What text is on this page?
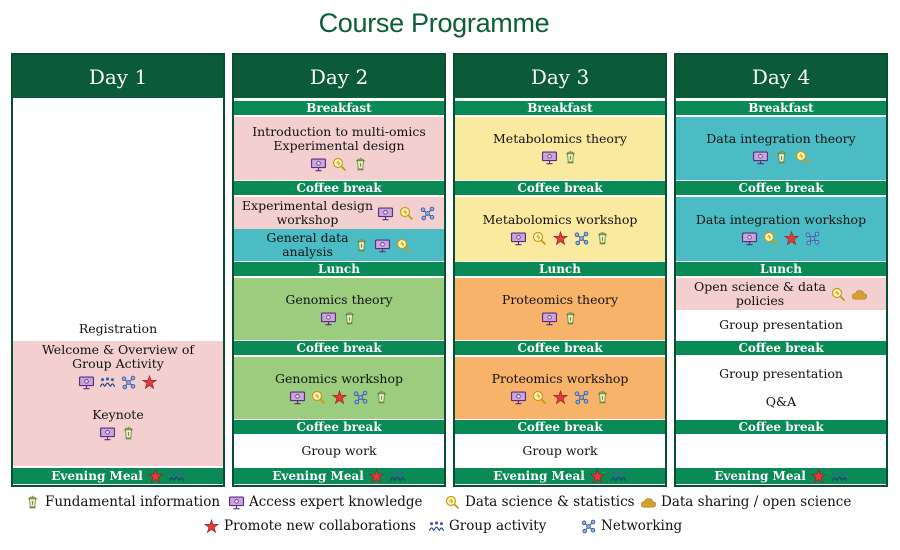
Course Programme
Day 1
Registration
Welcome & Overview of
Group Activity
Keynote
Evening Meal
Day 2
Breakfast
Introduction to multi-omics
Experimental design
Coffee break
Experimental design
workshop
General data
analysis
Lunch
Genomics theory
Coffee break
Genomics workshop
Coffee break
Group work
Evening Meal
Day 3
Breakfast
Metabolomics theory
Coffee break
Metabolomics workshop
Lunch
Proteomics theory
Coffee break
Proteomics workshop
Coffee break
Group work
Evening Meal
Day 4
Breakfast
Data integration theory
Coffee break
Data integration workshop
Lunch
Open science & data
policies
Group presentation
Coffee break
Group presentation
Q&A
Coffee break
Evening Meal
Fundamental information Access expert knowledge	Data science & statistics Data sharing / open science
Promote new collaborations Group activity	Networking
